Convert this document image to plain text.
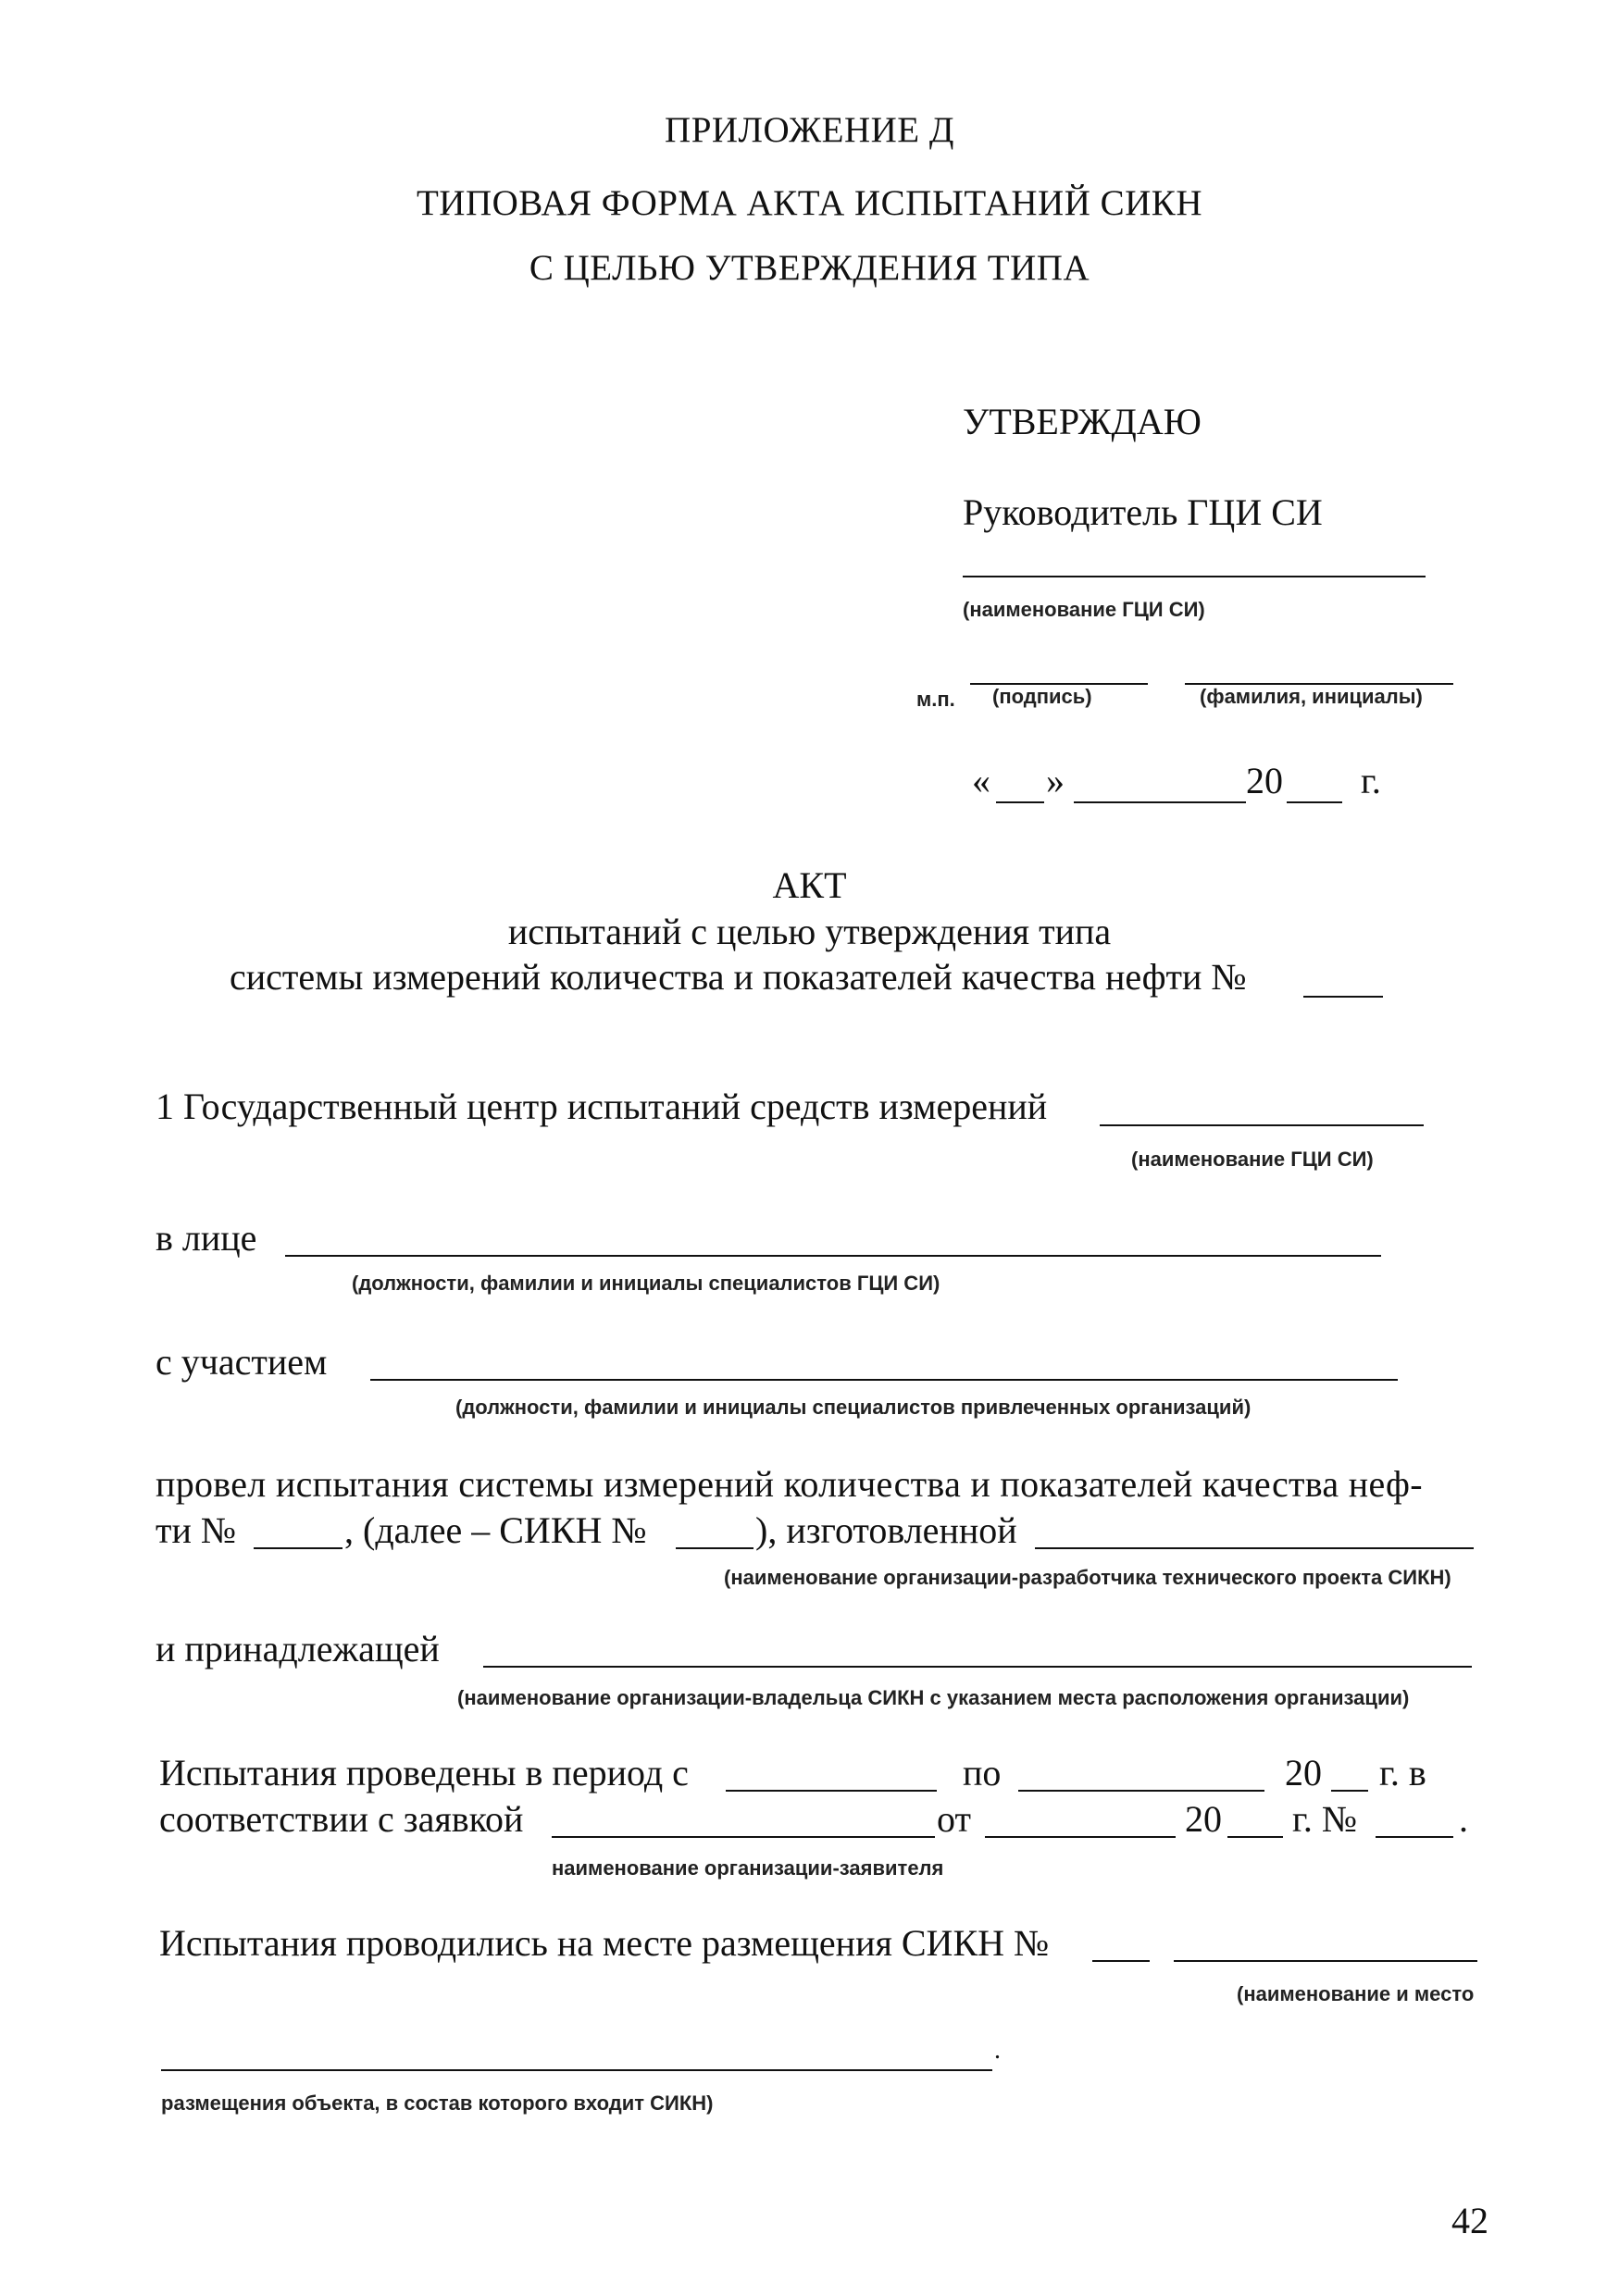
ПРИЛОЖЕНИЕ Д
ТИПОВАЯ ФОРМА АКТА ИСПЫТАНИЙ СИКН
С ЦЕЛЬЮ УТВЕРЖДЕНИЯ ТИПА
УТВЕРЖДАЮ
Руководитель ГЦИ СИ
(наименование ГЦИ СИ)
м.п. (подпись)	(фамилия, инициалы)
« »	20 г.
АКТ
испытаний с целью утверждения типа
системы измерений количества и показателей качества нефти №
1 Государственный центр испытаний средств измерений
(наименование ГЦИ СИ)
в лице
(должности, фамилии и инициалы специалистов ГЦИ СИ)
с участием
(должности, фамилии и инициалы специалистов привлеченных организаций)
провел испытания системы измерений количества и показателей качества неф-
ти №	, (далее – СИКН №	), изготовленной
(наименование организации-разработчика технического проекта СИКН)
и принадлежащей
(наименование организации-владельца СИКН с указанием места расположения организации)
Испытания проведены в период с	по	20 г. в
соответствии с заявкой	от	20 г. №	.
наименование организации-заявителя
Испытания проводились на месте размещения СИКН №
(наименование и место
.
размещения объекта, в состав которого входит СИКН)
42
